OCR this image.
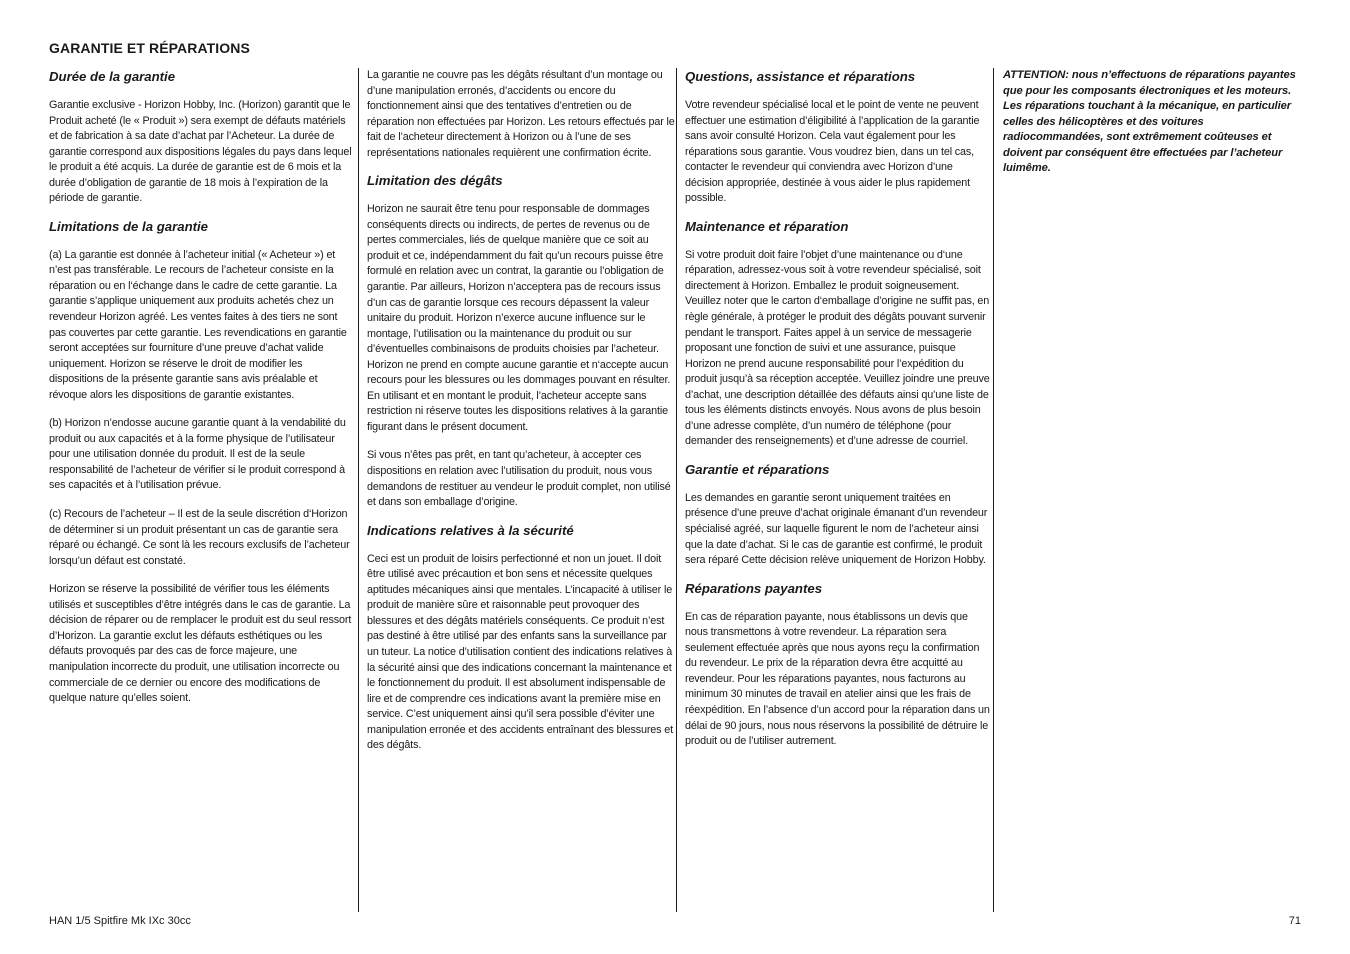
GARANTIE ET RÉPARATIONS
Durée de la garantie

Garantie exclusive - Horizon Hobby, Inc. (Horizon) garantit que le Produit acheté (le « Produit ») sera exempt de défauts matériels et de fabrication à sa date d’achat par l’Acheteur. La durée de garantie correspond aux dispositions légales du pays dans lequel le produit a été acquis. La durée de garantie est de 6 mois et la durée d’obligation de garantie de 18 mois à l’expiration de la période de garantie.

Limitations de la garantie

(a) La garantie est donnée à l’acheteur initial (« Acheteur ») et n’est pas transférable. Le recours de l’acheteur consiste en la réparation ou en l‘échange dans le cadre de cette garantie. La garantie s’applique uniquement aux produits achetés chez un revendeur Horizon agréé. Les ventes faites à des tiers ne sont pas couvertes par cette garantie. Les revendications en garantie seront acceptées sur fourniture d’une preuve d’achat valide uniquement. Horizon se réserve le droit de modifier les dispositions de la présente garantie sans avis préalable et révoque alors les dispositions de garantie existantes.

(b) Horizon n’endosse aucune garantie quant à la vendabilité du produit ou aux capacités et à la forme physique de l’utilisateur pour une utilisation donnée du produit. Il est de la seule responsabilité de l’acheteur de vérifier si le produit correspond à ses capacités et à l’utilisation prévue.

(c) Recours de l’acheteur – Il est de la seule discrétion d‘Horizon de déterminer si un produit présentant un cas de garantie sera réparé ou échangé. Ce sont là les recours exclusifs de l’acheteur lorsqu’un défaut est constaté.

Horizon se réserve la possibilité de vérifier tous les éléments utilisés et susceptibles d’être intégrés dans le cas de garantie. La décision de réparer ou de remplacer le produit est du seul ressort d’Horizon. La garantie exclut les défauts esthétiques ou les défauts provoqués par des cas de force majeure, une manipulation incorrecte du produit, une utilisation incorrecte ou commerciale de ce dernier ou encore des modifications de quelque nature qu’elles soient.

La garantie ne couvre pas les dégâts résultant d’un montage ou d’une manipulation erronés, d’accidents ou encore du fonctionnement ainsi que des tentatives d’entretien ou de réparation non effectuées par Horizon. Les retours effectués par le fait de l’acheteur directement à Horizon ou à l’une de ses représentations nationales requièrent une confirmation écrite.

Limitation des dégâts

Horizon ne saurait être tenu pour responsable de dommages conséquents directs ou indirects, de pertes de revenus ou de pertes commerciales, liés de quelque manière que ce soit au produit et ce, indépendamment du fait qu’un recours puisse être formulé en relation avec un contrat, la garantie ou l’obligation de garantie. Par ailleurs, Horizon n’acceptera pas de recours issus d’un cas de garantie lorsque ces recours dépassent la valeur unitaire du produit. Horizon n’exerce aucune influence sur le montage, l’utilisation ou la maintenance du produit ou sur d’éventuelles combinaisons de produits choisies par l’acheteur. Horizon ne prend en compte aucune garantie et n‘accepte aucun recours pour les blessures ou les dommages pouvant en résulter. En utilisant et en montant le produit, l’acheteur accepte sans restriction ni réserve toutes les dispositions relatives à la garantie figurant dans le présent document.

Si vous n’êtes pas prêt, en tant qu’acheteur, à accepter ces dispositions en relation avec l’utilisation du produit, nous vous demandons de restituer au vendeur le produit complet, non utilisé et dans son emballage d’origine.

Indications relatives à la sécurité

Ceci est un produit de loisirs perfectionné et non un jouet. Il doit être utilisé avec précaution et bon sens et nécessite quelques aptitudes mécaniques ainsi que mentales. L’incapacité à utiliser le produit de manière sûre et raisonnable peut provoquer des blessures et des dégâts matériels conséquents. Ce produit n’est pas destiné à être utilisé par des enfants sans la surveillance par un tuteur. La notice d’utilisation contient des indications relatives à la sécurité ainsi que des indications concernant la maintenance et le fonctionnement du produit. Il est absolument indispensable de lire et de comprendre ces indications avant la première mise en service. C’est uniquement ainsi qu’il sera possible d’éviter une manipulation erronée et des accidents entraînant des blessures et des dégâts.

Questions, assistance et réparations

Votre revendeur spécialisé local et le point de vente ne peuvent effectuer une estimation d’éligibilité à l’application de la garantie sans avoir consulté Horizon. Cela vaut également pour les réparations sous garantie. Vous voudrez bien, dans un tel cas, contacter le revendeur qui conviendra avec Horizon d’une décision appropriée, destinée à vous aider le plus rapidement possible.

Maintenance et réparation

Si votre produit doit faire l’objet d’une maintenance ou d‘une réparation, adressez-vous soit à votre revendeur spécialisé, soit directement à Horizon. Emballez le produit soigneusement. Veuillez noter que le carton d‘emballage d’origine ne suffit pas, en règle générale, à protéger le produit des dégâts pouvant survenir pendant le transport. Faites appel à un service de messagerie proposant une fonction de suivi et une assurance, puisque Horizon ne prend aucune responsabilité pour l’expédition du produit jusqu’à sa réception acceptée. Veuillez joindre une preuve d’achat, une description détaillée des défauts ainsi qu’une liste de tous les éléments distincts envoyés. Nous avons de plus besoin d’une adresse complète, d’un numéro de téléphone (pour demander des renseignements) et d’une adresse de courriel.

Garantie et réparations

Les demandes en garantie seront uniquement traitées en présence d’une preuve d’achat originale émanant d’un revendeur spécialisé agréé, sur laquelle figurent le nom de l’acheteur ainsi que la date d’achat. Si le cas de garantie est confirmé, le produit sera réparé Cette décision relève uniquement de Horizon Hobby.

Réparations payantes

En cas de réparation payante, nous établissons un devis que nous transmettons à votre revendeur. La réparation sera seulement effectuée après que nous ayons reçu la confirmation du revendeur. Le prix de la réparation devra être acquitté au revendeur. Pour les réparations payantes, nous facturons au minimum 30 minutes de travail en atelier ainsi que les frais de réexpédition. En l’absence d’un accord pour la réparation dans un délai de 90 jours, nous nous réservons la possibilité de détruire le produit ou de l’utiliser autrement.

ATTENTION: nous n’effectuons de réparations payantes que pour les composants électroniques et les moteurs. Les réparations touchant à la mécanique, en particulier celles des hélicoptères et des voitures radiocommandées, sont extrêmement coûteuses et doivent par conséquent être effectuées par l’acheteur luimême.

HAN 1/5 Spitfire Mk IXc 30cc	71
